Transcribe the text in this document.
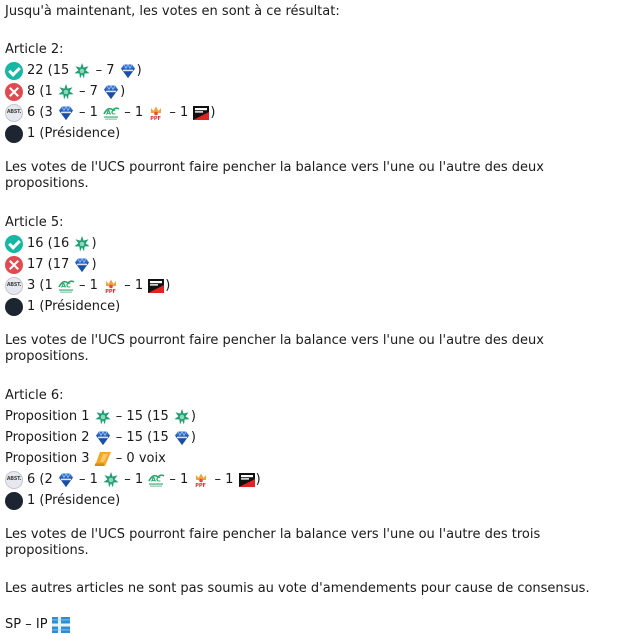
Jusqu'à maintenant, les votes en sont à ce résultat:

Article 2:

22 (15 – 7 )
8 (1 – 7 )
ABST. 6 (3 – 1 – 1 – 1 )
1 (Présidence)

Les votes de l'UCS pourront faire pencher la balance vers l'une ou l'autre des deux propositions.

Article 5:

16 (16 )
17 (17 )
ABST. 3 (1 – 1 – 1 )
1 (Présidence)

Les votes de l'UCS pourront faire pencher la balance vers l'une ou l'autre des deux propositions.

Article 6:

Proposition 1 – 15 (15 )
Proposition 2 – 15 (15 )
Proposition 3 – 0 voix
ABST. 6 (2 – 1 – 1 – 1 – 1 )
1 (Présidence)

Les votes de l'UCS pourront faire pencher la balance vers l'une ou l'autre des trois propositions.

Les autres articles ne sont pas soumis au vote d'amendements pour cause de consensus.

SP – IP
